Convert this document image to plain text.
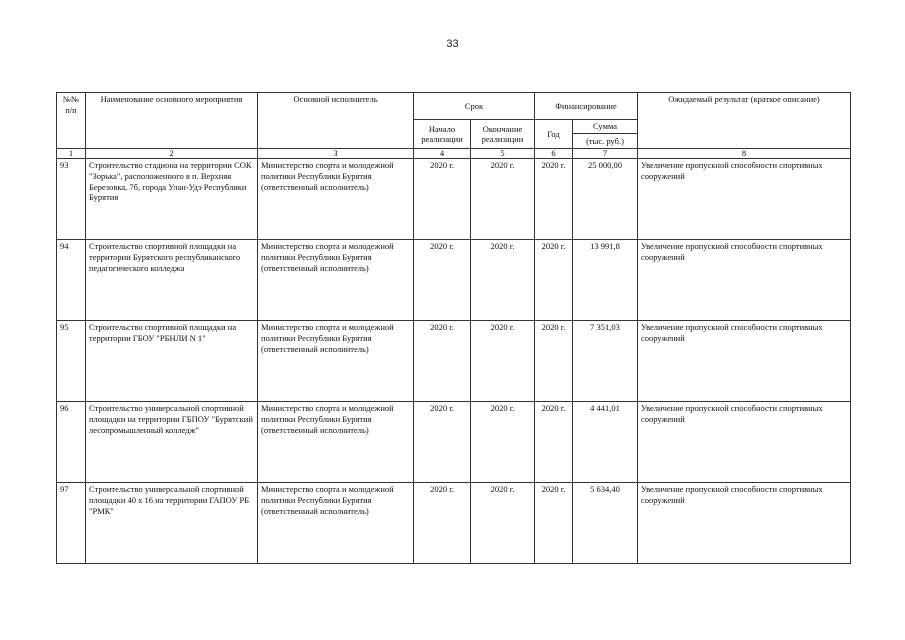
33
№№ п/п	Наименование основного мероприятия	Основной исполнитель	Срок		Финансирование		Ожидаемый результат (краткое описание)
			Начало реализации	Окончание реализации	Год	Сумма
(тыс. руб.)	

1	2	3	4	5	6	7	8
93	Строительство стадиона на территории СОК "Зорька", расположенного в п. Верхняя Березовка, 7б, города Улан-Удэ Республики Бурятия	Министерство спорта и молодежной политики Республики Бурятия (ответственный исполнитель)	2020 г.	2020 г.	2020 г.	25 000,00	Увеличение пропускной способности спортивных сооружений
94	Строительство спортивной площадки на территории Бурятского республиканского педагогического колледжа	Министерство спорта и молодежной политики Республики Бурятия (ответственный исполнитель)	2020 г.	2020 г.	2020 г.	13 991,8	Увеличение пропускной способности спортивных сооружений
95	Строительство спортивной площадки на территории ГБОУ "РБНЛИ N 1"	Министерство спорта и молодежной политики Республики Бурятия (ответственный исполнитель)	2020 г.	2020 г.	2020 г.	7 351,03	Увеличение пропускной способности спортивных сооружений
96	Строительство универсальной спортивной площадки на территории ГБПОУ "Бурятский лесопромышленный колледж"	Министерство спорта и молодежной политики Республики Бурятия (ответственный исполнитель)	2020 г.	2020 г.	2020 г.	4 441,01	Увеличение пропускной способности спортивных сооружений
97	Строительство универсальной спортивной площадки 40 x 16 на территории ГАПОУ РБ "РМК"	Министерство спорта и молодежной политики Республики Бурятия (ответственный исполнитель)	2020 г.	2020 г.	2020 г.	5 634,40	Увеличение пропускной способности спортивных сооружений
